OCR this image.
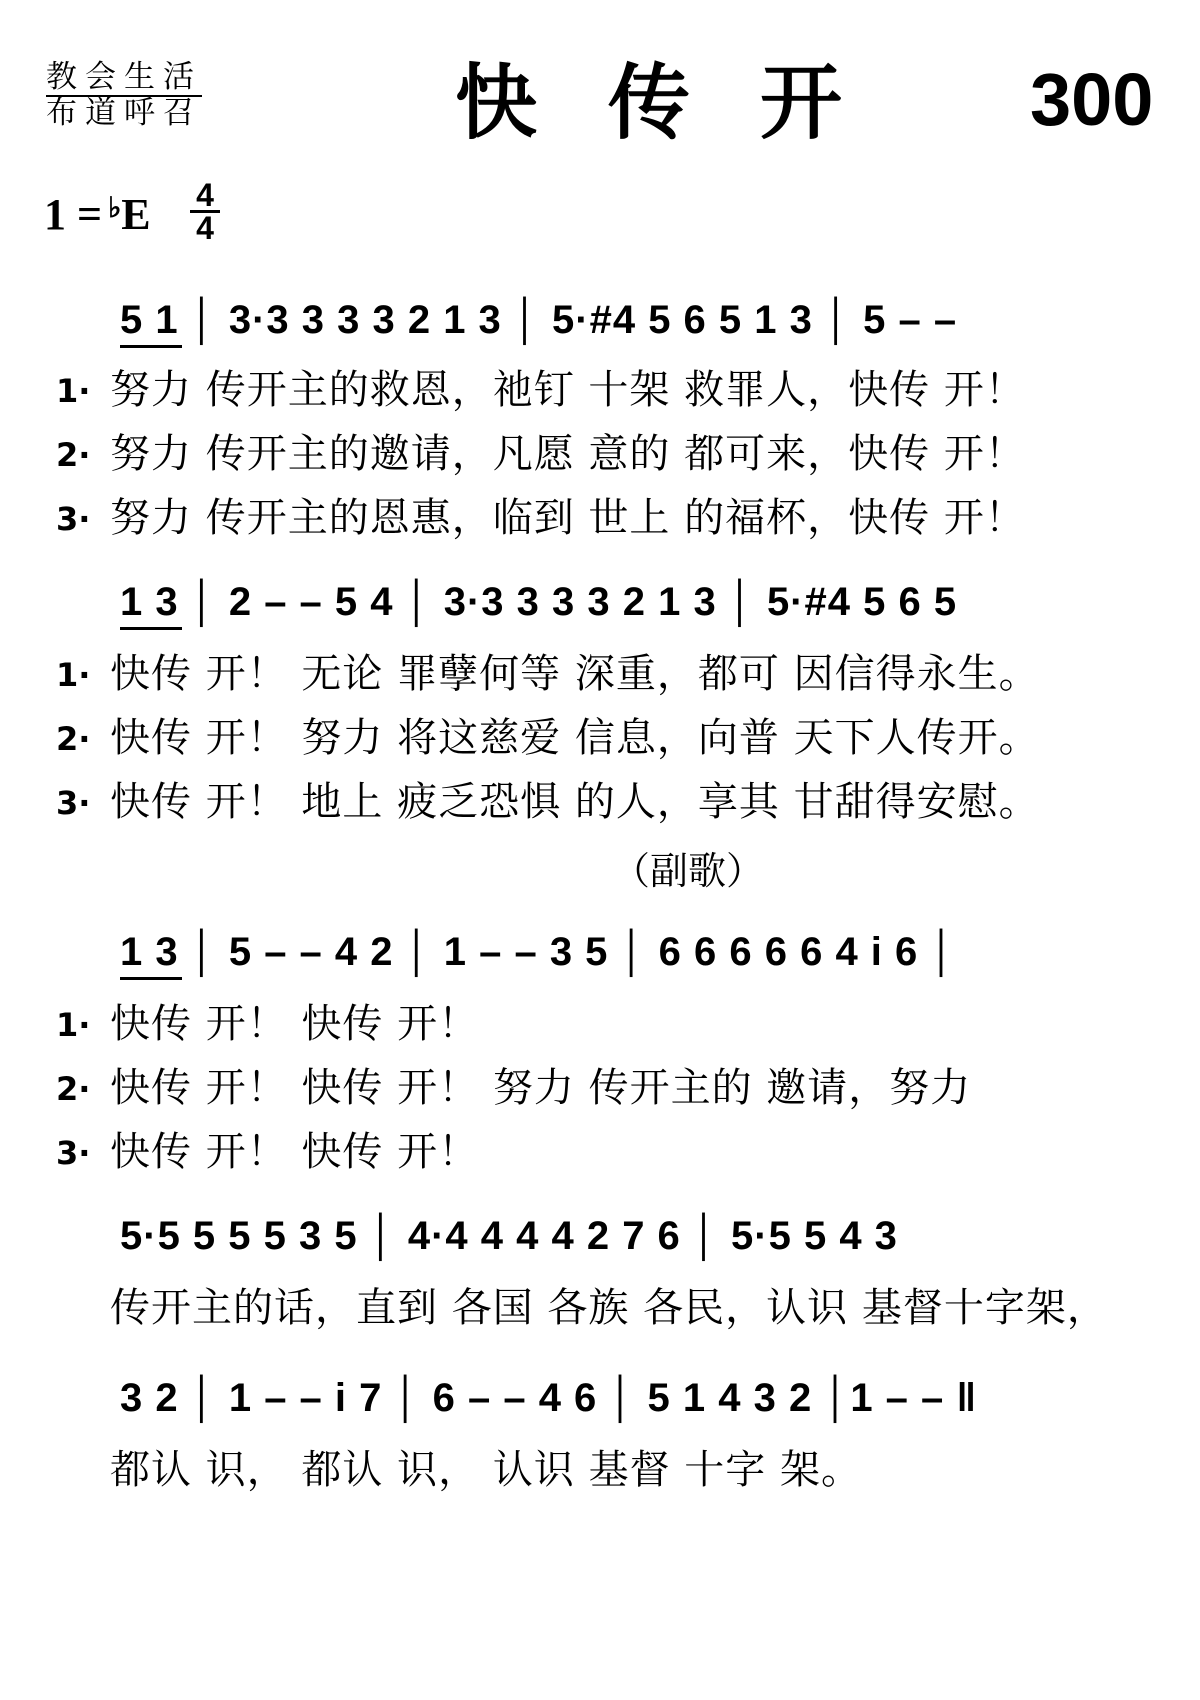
教会生活
布道呼召	快 传 开	300
1 = ♭E 4
4
5 1 │ 3·3 3 3 3 2 1 3 │ 5·#4 5 6 5 1 3 │ 5 – –
1· 努力 传开主的救恩，祂钉 十架 救罪人，快传 开！
2· 努力 传开主的邀请，凡愿 意的 都可来，快传 开！
3· 努力 传开主的恩惠，临到 世上 的福杯，快传 开！
1 3 │ 2 – – 5 4 │ 3·3 3 3 3 2 1 3 │ 5·#4 5 6 5
1· 快传 开！ 无论 罪孽何等 深重，都可 因信得永生。
2· 快传 开！ 努力 将这慈爱 信息，向普 天下人传开。
3· 快传 开！ 地上 疲乏恐惧 的人，享其 甘甜得安慰。
（副歌）
1 3 │ 5 – – 4 2 │ 1 – – 3 5 │ 6 6 6 6 6 4 i 6 │
1· 快传 开！ 快传 开！
2· 快传 开！ 快传 开！ 努力 传开主的 邀请，努力
3· 快传 开！ 快传 开！
5·5 5 5 5 3 5 │ 4·4 4 4 4 2 7 6 │ 5·5 5 4 3
传开主的话，直到 各国 各族 各民，认识 基督十字架，
3 2 │ 1 – – i 7 │ 6 – – 4 6 │ 5 1 4 3 2 │1 – – ‖
都认 识， 都认 识， 认识 基督 十字 架。
